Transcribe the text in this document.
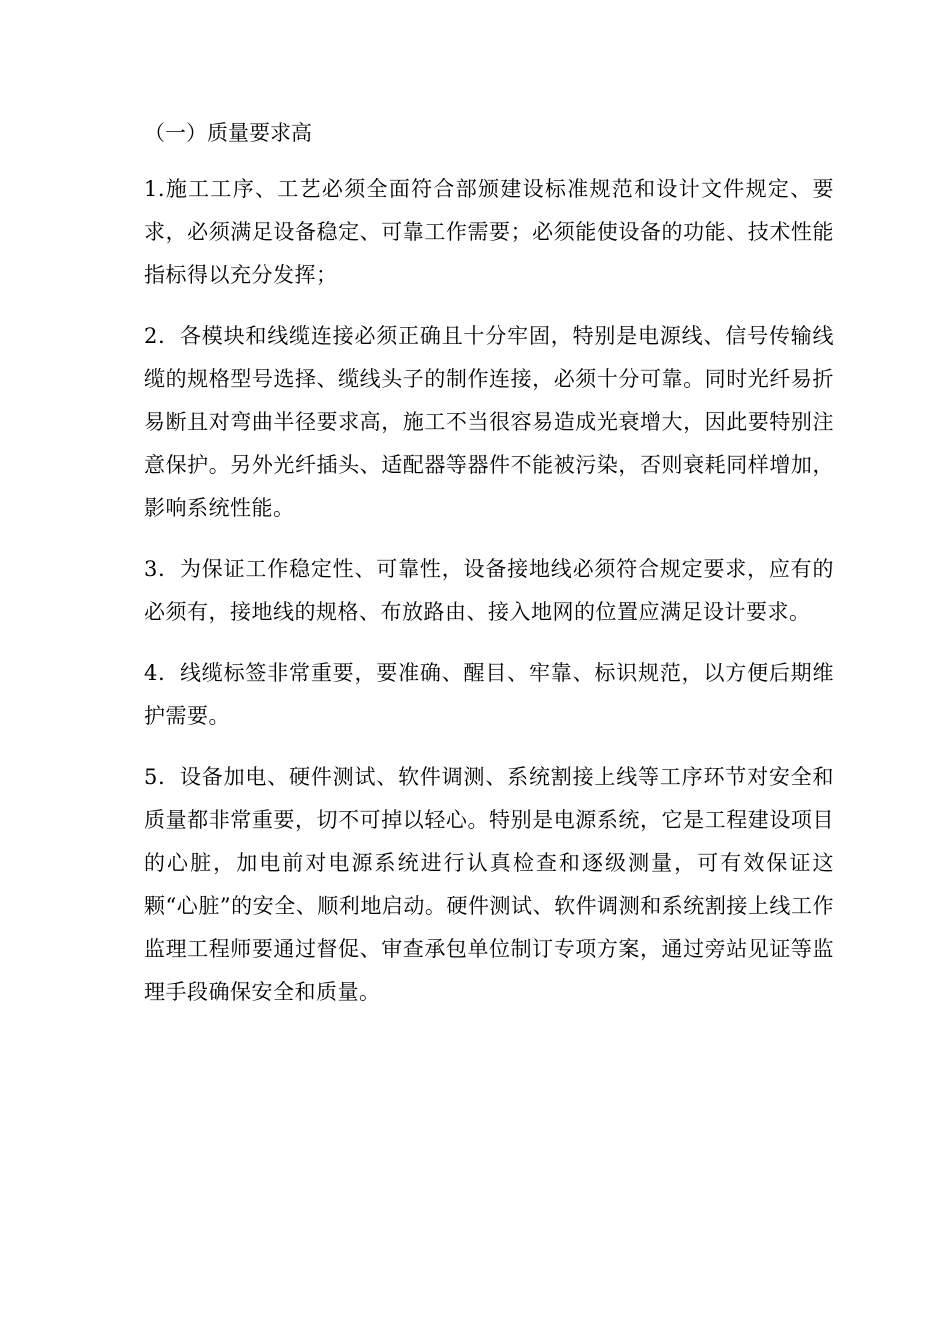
（一）质量要求高

1.施工工序、工艺必须全面符合部颁建设标准规范和设计文件规定、要求，必须满足设备稳定、可靠工作需要；必须能使设备的功能、技术性能指标得以充分发挥；

2．各模块和线缆连接必须正确且十分牢固，特别是电源线、信号传输线缆的规格型号选择、缆线头子的制作连接，必须十分可靠。同时光纤易折易断且对弯曲半径要求高，施工不当很容易造成光衰增大，因此要特别注意保护。另外光纤插头、适配器等器件不能被污染，否则衰耗同样增加，影响系统性能。

3．为保证工作稳定性、可靠性，设备接地线必须符合规定要求，应有的必须有，接地线的规格、布放路由、接入地网的位置应满足设计要求。

4．线缆标签非常重要，要准确、醒目、牢靠、标识规范，以方便后期维护需要。

5．设备加电、硬件测试、软件调测、系统割接上线等工序环节对安全和质量都非常重要，切不可掉以轻心。特别是电源系统，它是工程建设项目的心脏，加电前对电源系统进行认真检查和逐级测量，可有效保证这颗“心脏”的安全、顺利地启动。硬件测试、软件调测和系统割接上线工作监理工程师要通过督促、审查承包单位制订专项方案，通过旁站见证等监理手段确保安全和质量。
